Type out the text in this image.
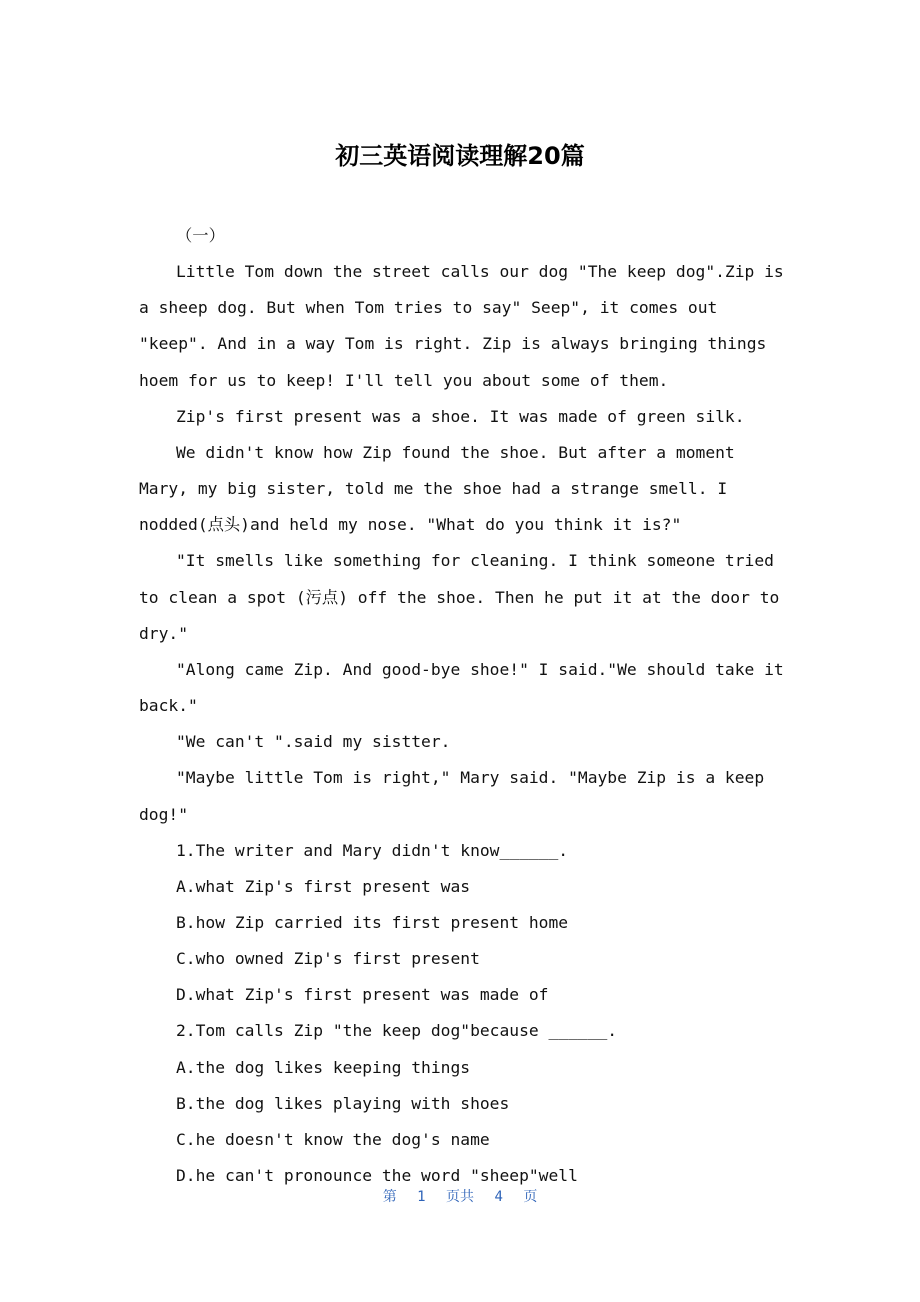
初三英语阅读理解20篇

（一）

Little Tom down the street calls our dog "The keep dog".Zip is a sheep dog. But when Tom tries to say" Seep", it comes out "keep". And in a way Tom is right. Zip is always bringing things hoem for us to keep! I'll tell you about some of them.

Zip's first present was a shoe. It was made of green silk.

We didn't know how Zip found the shoe. But after a moment Mary, my big sister, told me the shoe had a strange smell. I nodded(点头)and held my nose. "What do you think it is?"

"It smells like something for cleaning. I think someone tried to clean a spot (污点) off the shoe. Then he put it at the door to dry."

"Along came Zip. And good-bye shoe!" I said."We should take it back."

"We can't ".said my sistter.

"Maybe little Tom is right," Mary said. "Maybe Zip is a keep dog!"

1.The writer and Mary didn't know______.

A.what Zip's first present was

B.how Zip carried its first present home

C.who owned Zip's first present

D.what Zip's first present was made of

2.Tom calls Zip "the keep dog"because ______.

A.the dog likes keeping things

B.the dog likes playing with shoes

C.he doesn't know the dog's name

D.he can't pronounce the word "sheep"well

第 1 页共 4 页
